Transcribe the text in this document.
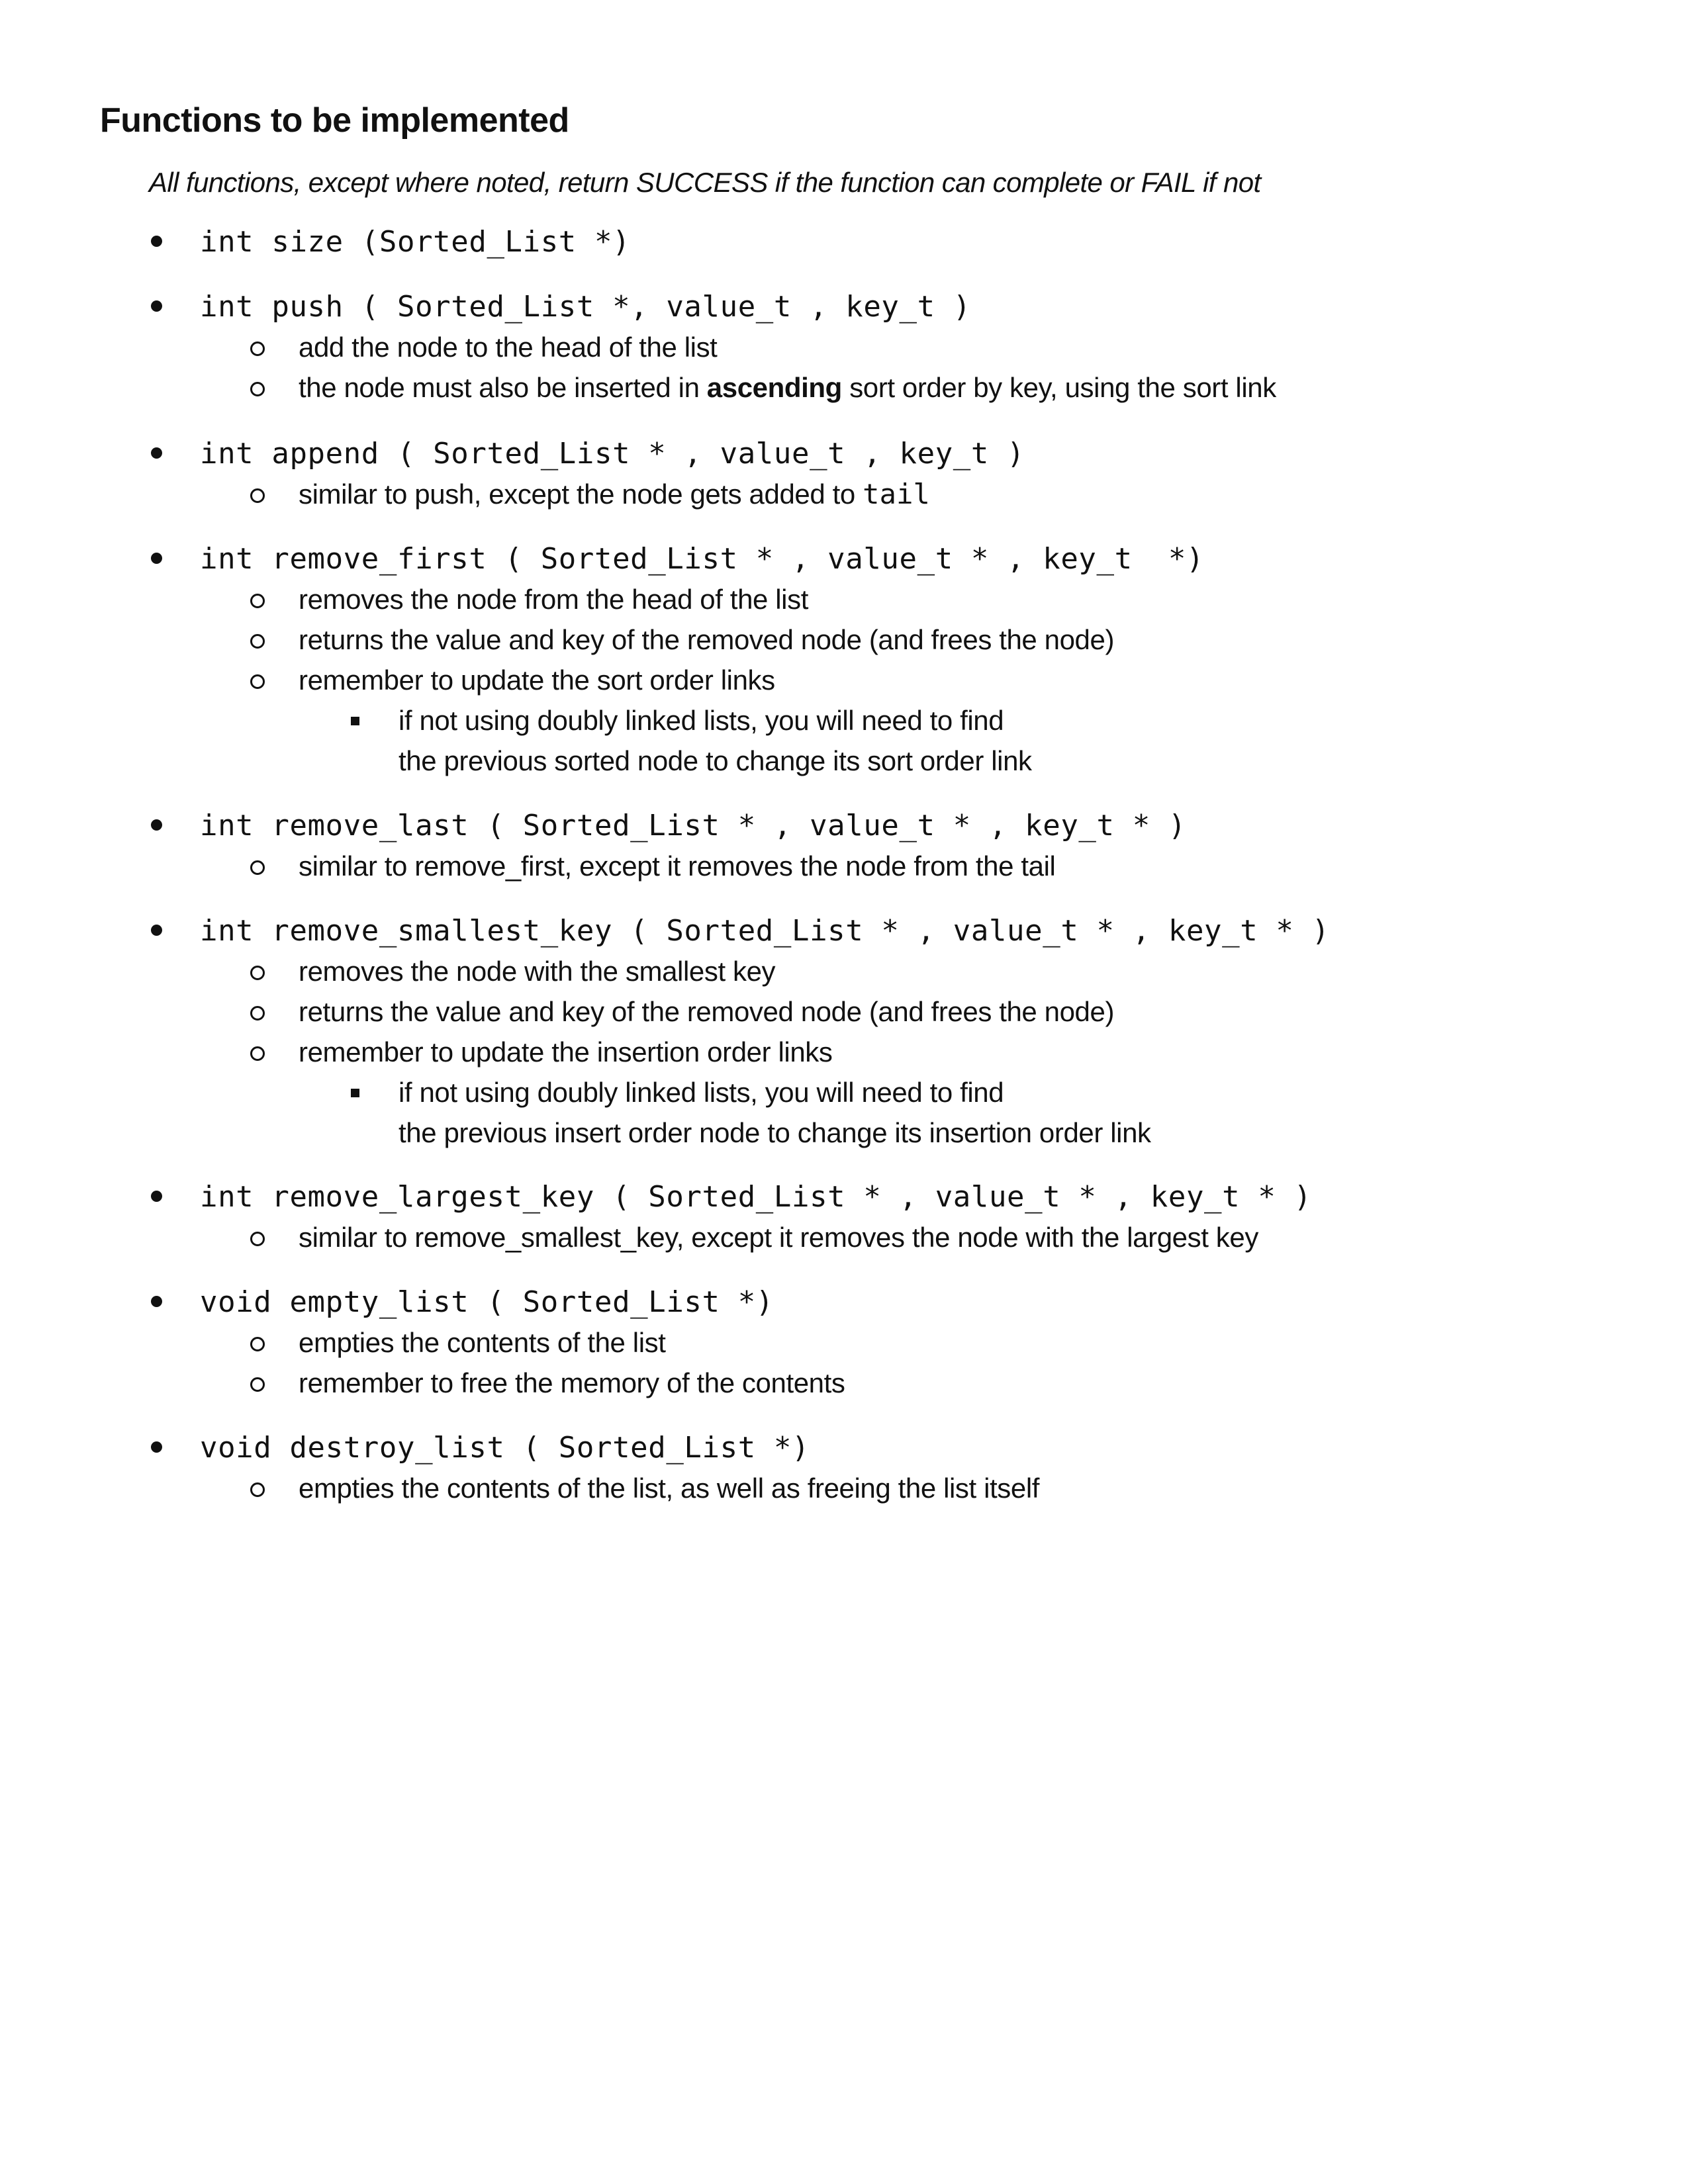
Functions to be implemented
All functions, except where noted, return SUCCESS if the function can complete or FAIL if not
int size (Sorted_List *)
int push ( Sorted_List *, value_t , key_t )
add the node to the head of the list
the node must also be inserted in ascending sort order by key, using the sort link
int append ( Sorted_List * , value_t , key_t )
similar to push, except the node gets added to tail
int remove_first ( Sorted_List * , value_t * , key_t  *)
removes the node from the head of the list
returns the value and key of the removed node (and frees the node)
remember to update the sort order links
if not using doubly linked lists, you will need to find
the previous sorted node to change its sort order link
int remove_last ( Sorted_List * , value_t * , key_t * )
similar to remove_first, except it removes the node from the tail
int remove_smallest_key ( Sorted_List * , value_t * , key_t * )
removes the node with the smallest key
returns the value and key of the removed node (and frees the node)
remember to update the insertion order links
if not using doubly linked lists, you will need to find
the previous insert order node to change its insertion order link
int remove_largest_key ( Sorted_List * , value_t * , key_t * )
similar to remove_smallest_key, except it removes the node with the largest key
void empty_list ( Sorted_List *)
empties the contents of the list
remember to free the memory of the contents
void destroy_list ( Sorted_List *)
empties the contents of the list, as well as freeing the list itself
